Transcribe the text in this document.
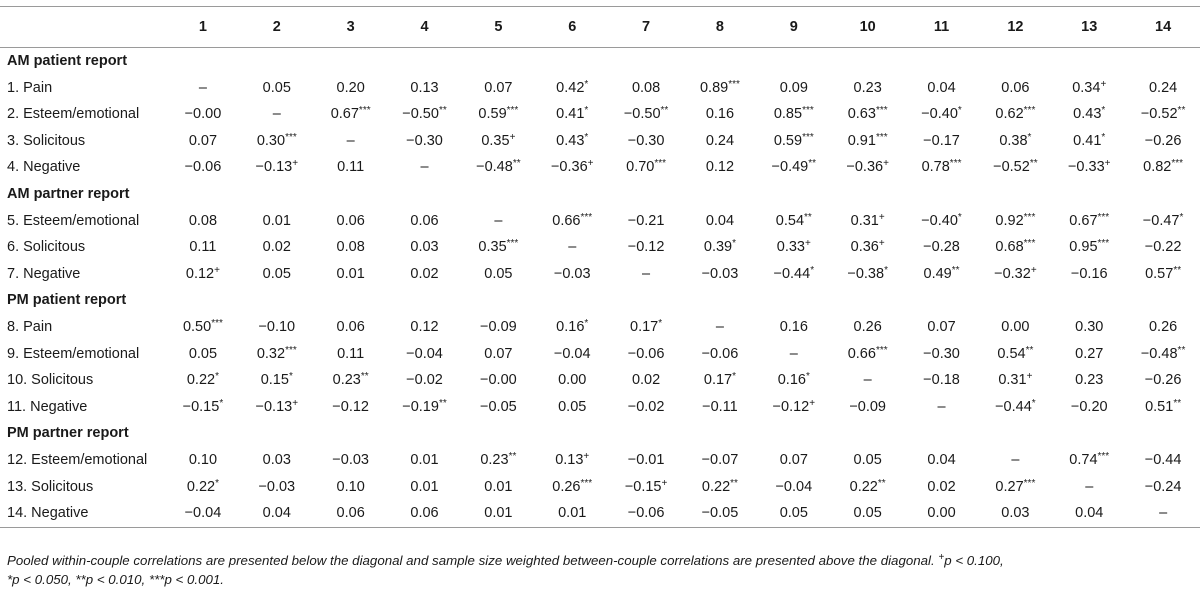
	1	2	3	4	5	6	7	8	9	10	11	12	13	14
AM patient report														
1. Pain	–	0.05	0.20	0.13	0.07	0.42*	0.08	0.89***	0.09	0.23	0.04	0.06	0.34+	0.24
2. Esteem/emotional	−0.00	–	0.67***	−0.50**	0.59***	0.41*	−0.50**	0.16	0.85***	0.63***	−0.40*	0.62***	0.43*	−0.52**
3. Solicitous	0.07	0.30***	–	−0.30	0.35+	0.43*	−0.30	0.24	0.59***	0.91***	−0.17	0.38*	0.41*	−0.26
4. Negative	−0.06	−0.13+	0.11	–	−0.48**	−0.36+	0.70***	0.12	−0.49**	−0.36+	0.78***	−0.52**	−0.33+	0.82***
AM partner report														
5. Esteem/emotional	0.08	0.01	0.06	0.06	–	0.66***	−0.21	0.04	0.54**	0.31+	−0.40*	0.92***	0.67***	−0.47*
6. Solicitous	0.11	0.02	0.08	0.03	0.35***	–	−0.12	0.39*	0.33+	0.36+	−0.28	0.68***	0.95***	−0.22
7. Negative	0.12+	0.05	0.01	0.02	0.05	−0.03	–	−0.03	−0.44*	−0.38*	0.49**	−0.32+	−0.16	0.57**
PM patient report														
8. Pain	0.50***	−0.10	0.06	0.12	−0.09	0.16*	0.17*	–	0.16	0.26	0.07	0.00	0.30	0.26
9. Esteem/emotional	0.05	0.32***	0.11	−0.04	0.07	−0.04	−0.06	−0.06	–	0.66***	−0.30	0.54**	0.27	−0.48**
10. Solicitous	0.22*	0.15*	0.23**	−0.02	−0.00	0.00	0.02	0.17*	0.16*	–	−0.18	0.31+	0.23	−0.26
11. Negative	−0.15*	−0.13+	−0.12	−0.19**	−0.05	0.05	−0.02	−0.11	−0.12+	−0.09	–	−0.44*	−0.20	0.51**
PM partner report														
12. Esteem/emotional	0.10	0.03	−0.03	0.01	0.23**	0.13+	−0.01	−0.07	0.07	0.05	0.04	–	0.74***	−0.44
13. Solicitous	0.22*	−0.03	0.10	0.01	0.01	0.26***	−0.15+	0.22**	−0.04	0.22**	0.02	0.27***	–	−0.24
14. Negative	−0.04	0.04	0.06	0.06	0.01	0.01	−0.06	−0.05	0.05	0.05	0.00	0.03	0.04	–
Pooled within-couple correlations are presented below the diagonal and sample size weighted between-couple correlations are presented above the diagonal. +p < 0.100,
*p < 0.050, **p < 0.010, ***p < 0.001.
